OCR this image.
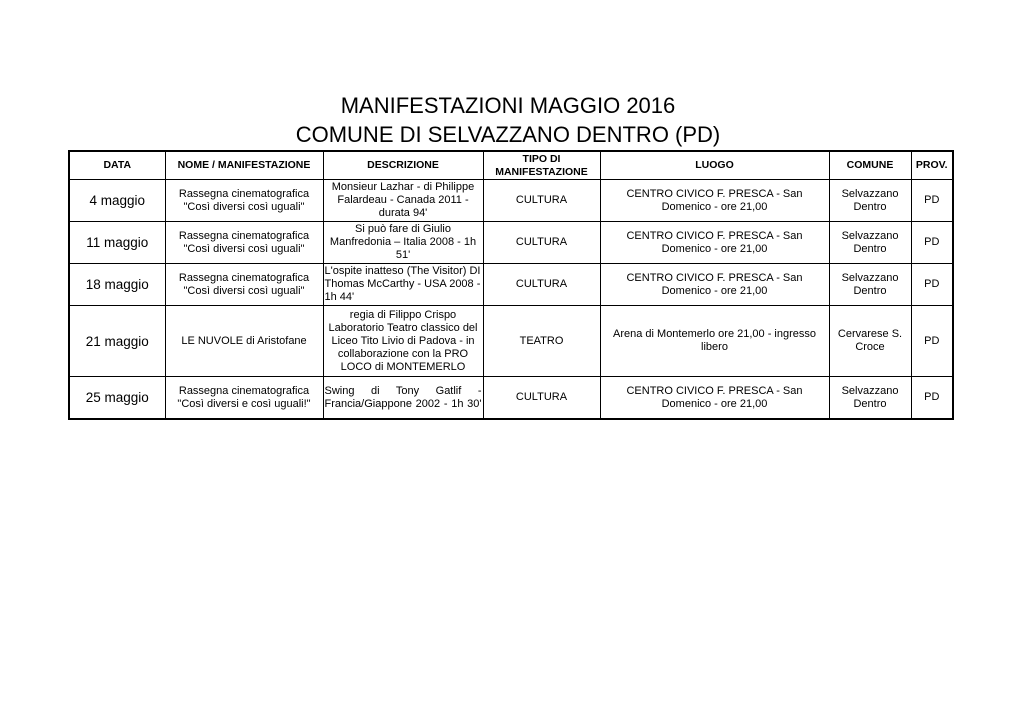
MANIFESTAZIONI MAGGIO 2016
COMUNE DI SELVAZZANO DENTRO (PD)
DATA	NOME / MANIFESTAZIONE	DESCRIZIONE	TIPO DI MANIFESTAZIONE	LUOGO	COMUNE	PROV.
4 maggio	Rassegna cinematografica "Così diversi così uguali"	Monsieur Lazhar - di Philippe Falardeau - Canada 2011 - durata 94'	CULTURA	CENTRO CIVICO F. PRESCA - San Domenico - ore 21,00	Selvazzano Dentro	PD
11 maggio	Rassegna cinematografica "Così diversi così uguali"	Si può fare di Giulio Manfredonia – Italia 2008 - 1h 51'	CULTURA	CENTRO CIVICO F. PRESCA - San Domenico - ore 21,00	Selvazzano Dentro	PD
18 maggio	Rassegna cinematografica "Così diversi così uguali"	L'ospite inatteso (The Visitor) DI Thomas McCarthy - USA 2008 - 1h 44'	CULTURA	CENTRO CIVICO F. PRESCA - San Domenico - ore 21,00	Selvazzano Dentro	PD
21 maggio	LE NUVOLE di Aristofane	regia di Filippo Crispo Laboratorio Teatro classico del Liceo Tito Livio di Padova - in collaborazione con la PRO LOCO di MONTEMERLO	TEATRO	Arena di Montemerlo ore 21,00 - ingresso libero	Cervarese S. Croce	PD
25 maggio	Rassegna cinematografica "Così diversi e così uguali!"	Swing di Tony Gatlif - Francia/Giappone 2002 - 1h 30'	CULTURA	CENTRO CIVICO F. PRESCA - San Domenico - ore 21,00	Selvazzano Dentro	PD
